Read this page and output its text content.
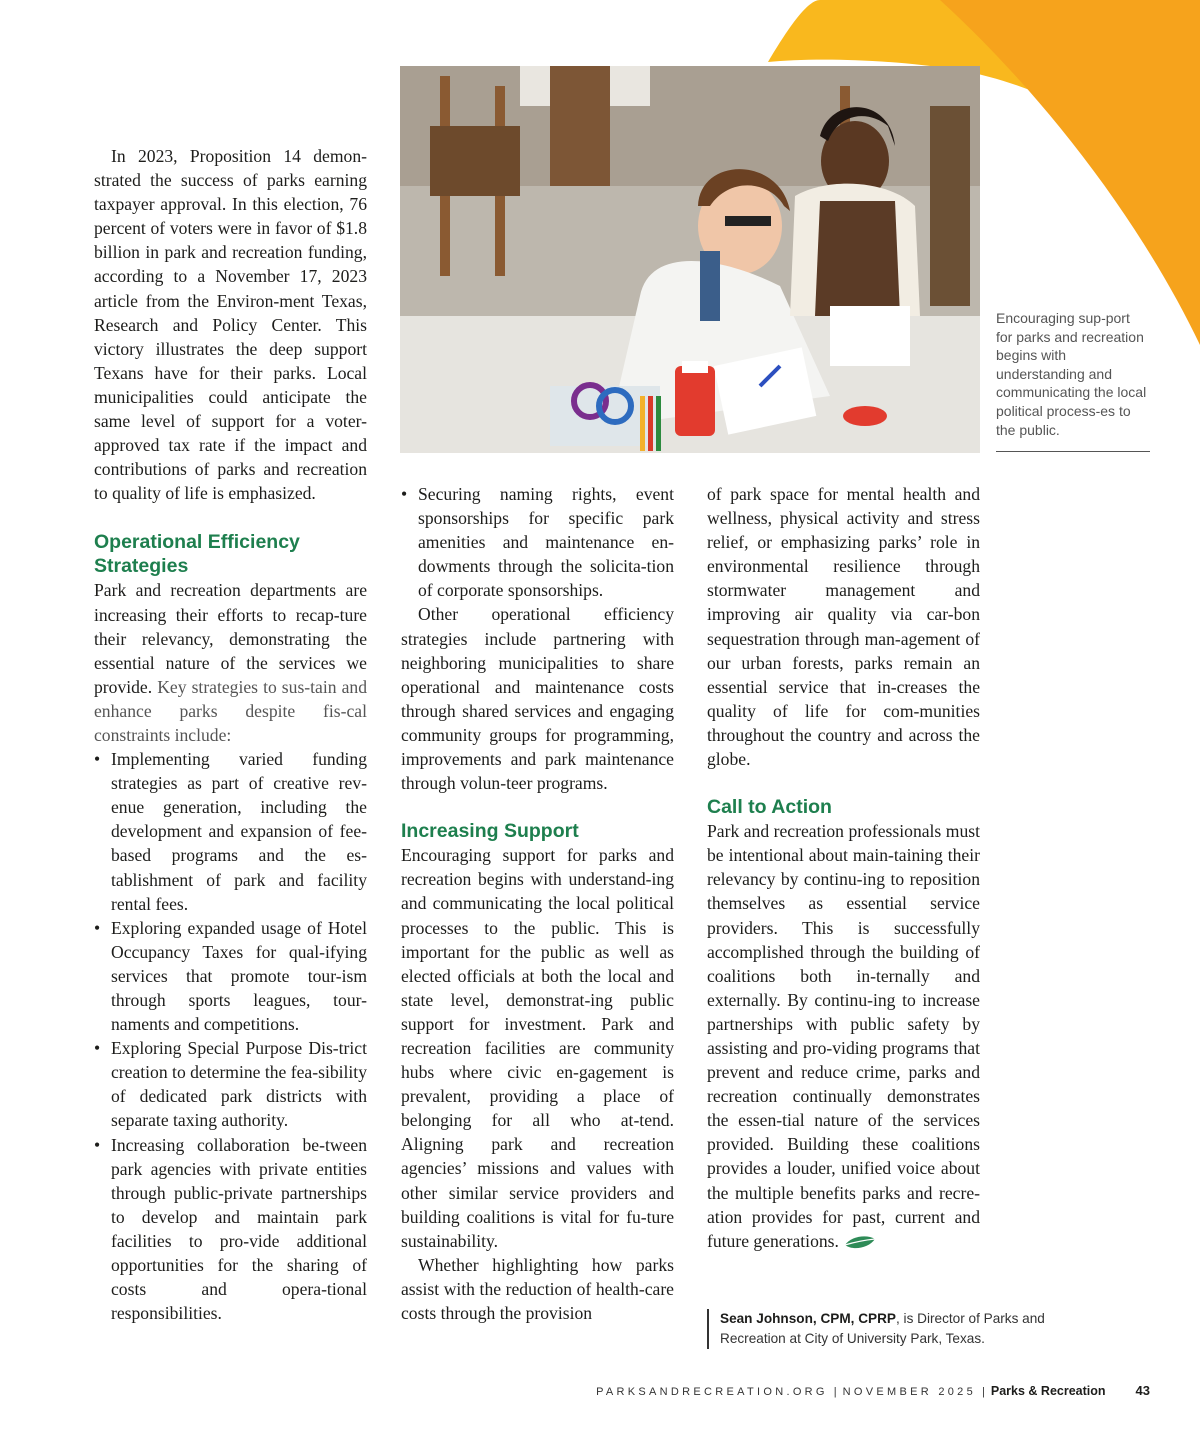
Encouraging sup-port for parks and recreation begins with understanding and communicating the local political process-es to the public.

In 2023, Proposition 14 demon-strated the success of parks earning taxpayer approval. In this election, 76 percent of voters were in favor of $1.8 billion in park and recreation funding, according to a November 17, 2023 article from the Environ-ment Texas, Research and Policy Center. This victory illustrates the deep support Texans have for their parks. Local municipalities could anticipate the same level of support for a voter-approved tax rate if the impact and contributions of parks and recreation to quality of life is emphasized.

Operational Efficiency Strategies

Park and recreation departments are increasing their efforts to recap-ture their relevancy, demonstrating the essential nature of the services we provide. Key strategies to sus-tain and enhance parks despite fis-cal constraints include:

• Implementing varied funding strategies as part of creative rev-enue generation, including the development and expansion of fee-based programs and the es-tablishment of park and facility rental fees.
• Exploring expanded usage of Hotel Occupancy Taxes for qual-ifying services that promote tour-ism through sports leagues, tour-naments and competitions.
• Exploring Special Purpose Dis-trict creation to determine the fea-sibility of dedicated park districts with separate taxing authority.
• Increasing collaboration be-tween park agencies with private entities through public-private partnerships to develop and maintain park facilities to pro-vide additional opportunities for the sharing of costs and opera-tional responsibilities.
• Securing naming rights, event sponsorships for specific park amenities and maintenance en-dowments through the solicita-tion of corporate sponsorships.

Other operational efficiency strategies include partnering with neighboring municipalities to share operational and maintenance costs through shared services and engaging community groups for programming, improvements and park maintenance through volun-teer programs.

Increasing Support

Encouraging support for parks and recreation begins with understand-ing and communicating the local political processes to the public. This is important for the public as well as elected officials at both the local and state level, demonstrat-ing public support for investment. Park and recreation facilities are community hubs where civic en-gagement is prevalent, providing a place of belonging for all who at-tend. Aligning park and recreation agencies’ missions and values with other similar service providers and building coalitions is vital for fu-ture sustainability.

Whether highlighting how parks assist with the reduction of health-care costs through the provision

of park space for mental health and wellness, physical activity and stress relief, or emphasizing parks’ role in environmental resilience through stormwater management and improving air quality via car-bon sequestration through man-agement of our urban forests, parks remain an essential service that in-creases the quality of life for com-munities throughout the country and across the globe.

Call to Action

Park and recreation professionals must be intentional about main-taining their relevancy by continu-ing to reposition themselves as essential service providers. This is successfully accomplished through the building of coalitions both in-ternally and externally. By continu-ing to increase partnerships with public safety by assisting and pro-viding programs that prevent and reduce crime, parks and recreation continually demonstrates the essen-tial nature of the services provided. Building these coalitions provides a louder, unified voice about the multiple benefits parks and recre-ation provides for past, current and future generations.

Sean Johnson, CPM, CPRP, is Director of Parks and Recreation at City of University Park, Texas.
PARKSANDRECREATION.ORG | NOVEMBER 2025 | Parks & Recreation 43
